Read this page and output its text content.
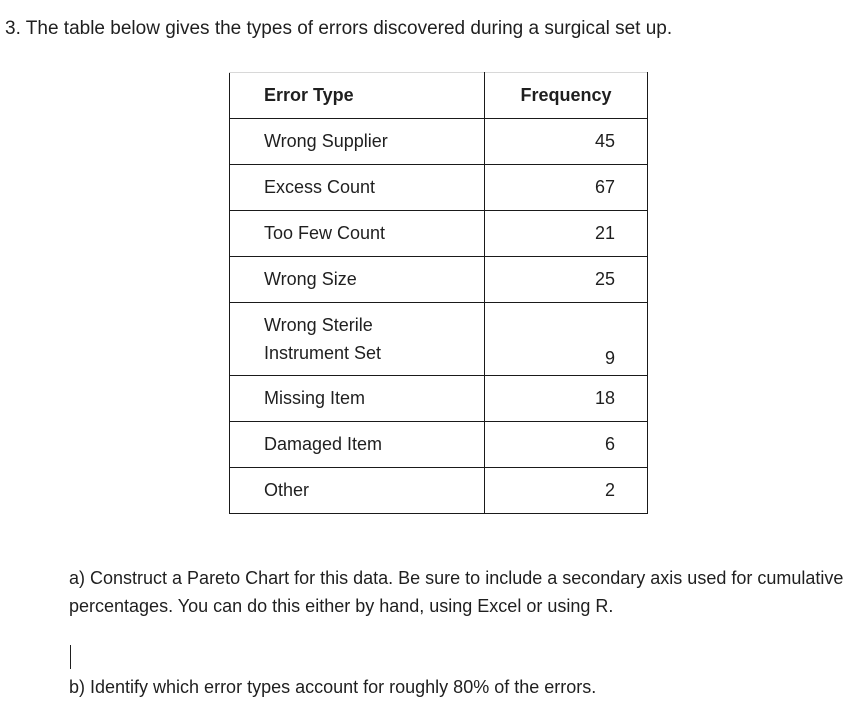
3. The table below gives the types of errors discovered during a surgical set up.
Error Type	Frequency

Wrong Supplier	45

Excess Count	67

Too Few Count	21

Wrong Size	25

Wrong Sterile
Instrument Set	9

Missing Item	18

Damaged Item	6

Other	2
a) Construct a Pareto Chart for this data. Be sure to include a secondary axis used for cumulative percentages. You can do this either by hand, using Excel or using R.
b) Identify which error types account for roughly 80% of the errors.
